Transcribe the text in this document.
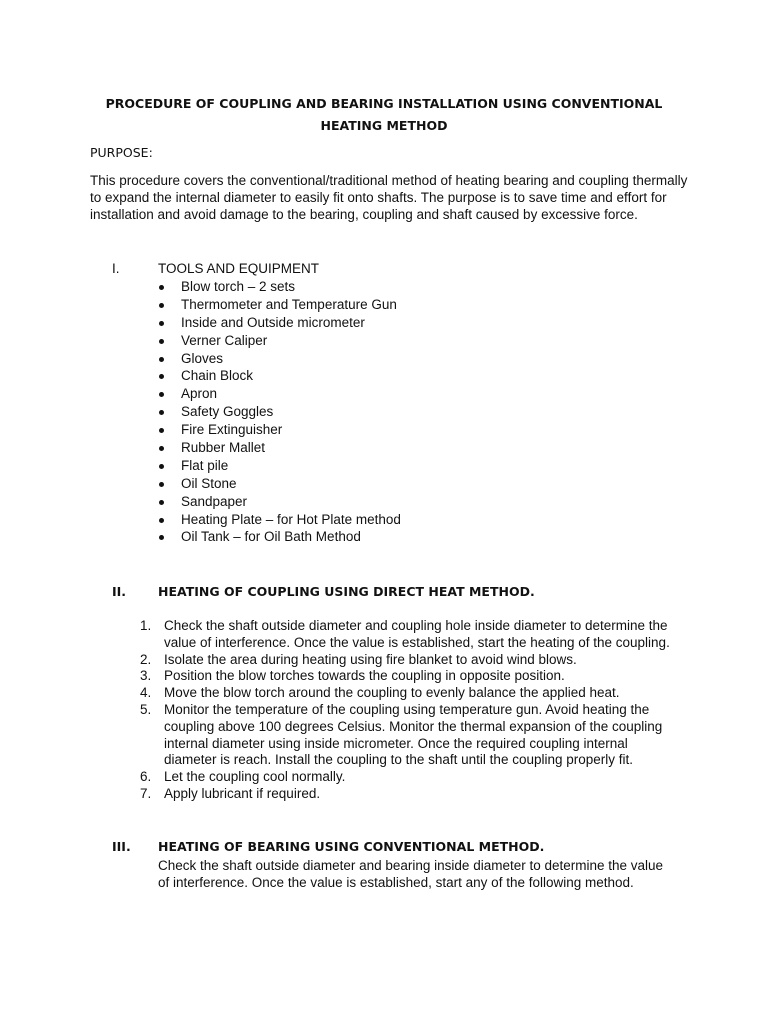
PROCEDURE OF COUPLING AND BEARING INSTALLATION USING CONVENTIONAL HEATING METHOD
PURPOSE:
This procedure covers the conventional/traditional method of heating bearing and coupling thermally to expand the internal diameter to easily fit onto shafts. The purpose is to save time and effort for installation and avoid damage to the bearing, coupling and shaft caused by excessive force.
I.	TOOLS AND EQUIPMENT
Blow torch – 2 sets
Thermometer and Temperature Gun
Inside and Outside micrometer
Verner Caliper
Gloves
Chain Block
Apron
Safety Goggles
Fire Extinguisher
Rubber Mallet
Flat pile
Oil Stone
Sandpaper
Heating Plate – for Hot Plate method
Oil Tank – for Oil Bath Method
II.	HEATING OF COUPLING USING DIRECT HEAT METHOD.
1. Check the shaft outside diameter and coupling hole inside diameter to determine the value of interference. Once the value is established, start the heating of the coupling.
2. Isolate the area during heating using fire blanket to avoid wind blows.
3. Position the blow torches towards the coupling in opposite position.
4. Move the blow torch around the coupling to evenly balance the applied heat.
5. Monitor the temperature of the coupling using temperature gun. Avoid heating the coupling above 100 degrees Celsius. Monitor the thermal expansion of the coupling internal diameter using inside micrometer. Once the required coupling internal diameter is reach. Install the coupling to the shaft until the coupling properly fit.
6. Let the coupling cool normally.
7. Apply lubricant if required.
III. HEATING OF BEARING USING CONVENTIONAL METHOD.
Check the shaft outside diameter and bearing inside diameter to determine the value of interference. Once the value is established, start any of the following method.
